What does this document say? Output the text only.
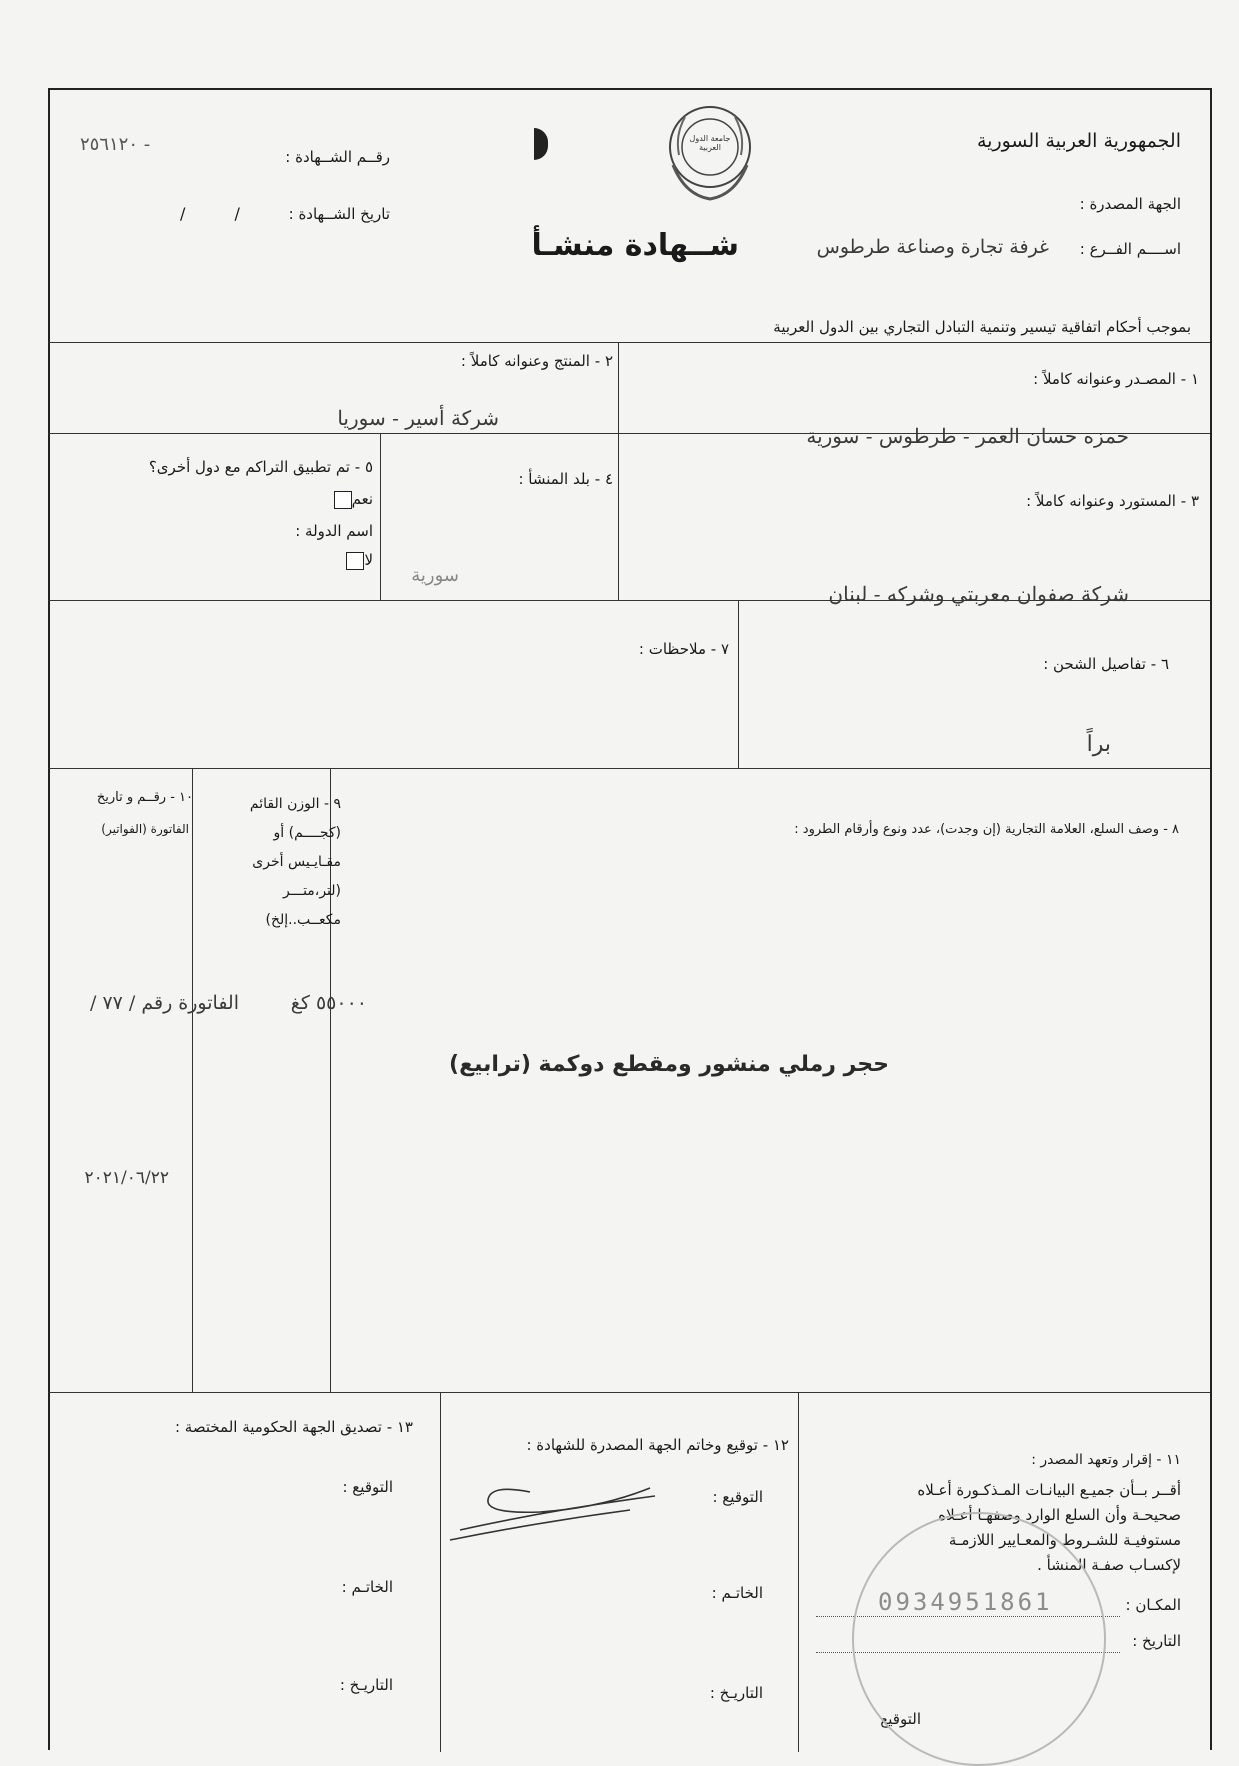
الجمهورية العربية السورية
الجهة المصدرة :
اســــم الفــرع :
غرفة تجارة وصناعة طرطوس
جامعة الدول العربية
شــهادة منشـأ
رقــم الشــهادة :
٢٥٦١٢٠ -
تاريخ الشــهادة :
/ /
بموجب أحكام اتفاقية تيسير وتنمية التبادل التجاري بين الدول العربية
١ - المصـدر وعنوانه كاملاً :
حمزه حسان العمر - طرطوس - سورية
٢ - المنتج وعنوانه كاملاً :
شركة أسير - سوريا
٣ - المستورد وعنوانه كاملاً :
شركة صفوان معربتي وشركه - لبنان
٤ - بلد المنشأ :
سورية
٥ - تم تطبيق التراكم مع دول أخرى؟
نعم
اسم الدولة :
لا
٦ - تفاصيل الشحن :
براً
٧ - ملاحظات :
٨ - وصف السلع، العلامة التجارية (إن وجدت)، عدد ونوع وأرقام الطرود :
حجر رملي منشور ومقطع دوكمة (ترابيع)
٩ - الوزن القائم
(كجــــم) أو
مقـايـيس أخرى
(لتر،متـــر
مكعــب..إلخ)
٥٥٠٠٠ كغ
١٠ - رقــم و تاريخ
الفاتورة (الفواتير)
الفاتورة رقم / ٧٧ /
٢٠٢١/٠٦/٢٢
١١ - إقرار وتعهد المصدر :
أقــر بــأن جميـع البيانـات المـذكـورة أعـلاه
صحيحـة وأن السلع الوارد وصفهـا أعـلاه
مستوفيـة للشـروط والمعـايير اللازمـة
لإكسـاب صفـة المنشأ .
المكـان :
التاريخ :
التوقيع
0934951861
١٢ - توقيع وخاتم الجهة المصدرة للشهادة :
التوقيع :
الخاتـم :
التاريـخ :
١٣ - تصديق الجهة الحكومية المختصة :
التوقيع :
الخاتـم :
التاريـخ :
